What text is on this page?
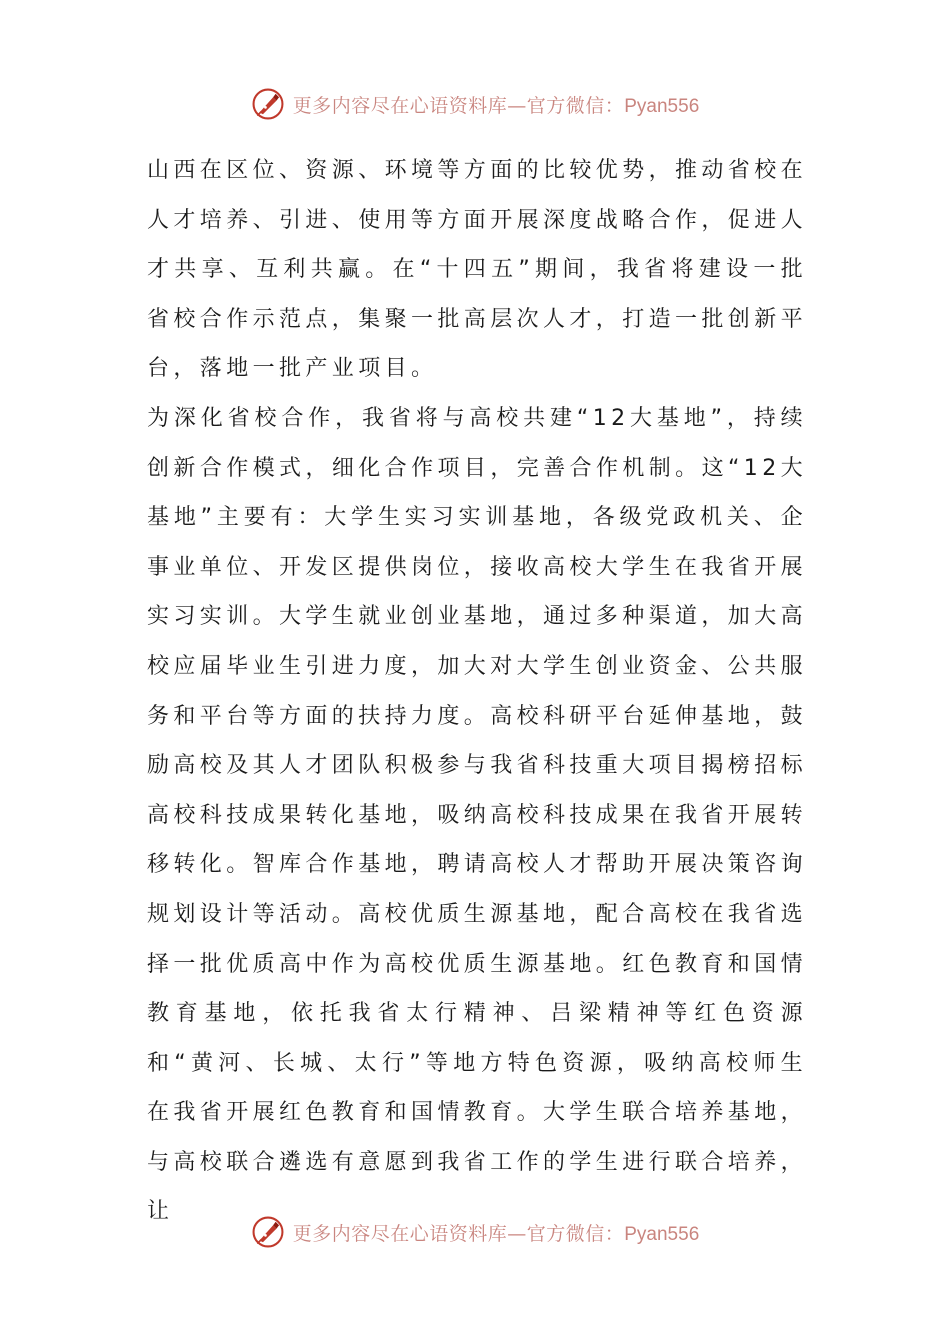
更多内容尽在心语资料库—官方微信：Pyan556

山西在区位、资源、环境等方面的比较优势，推动省校在人才培养、引进、使用等方面开展深度战略合作，促进人才共享、互利共赢。在“十四五”期间，我省将建设一批省校合作示范点，集聚一批高层次人才，打造一批创新平台，落地一批产业项目。

为深化省校合作，我省将与高校共建“12大基地”，持续创新合作模式，细化合作项目，完善合作机制。这“12大基地”主要有：大学生实习实训基地，各级党政机关、企事业单位、开发区提供岗位，接收高校大学生在我省开展实习实训。大学生就业创业基地，通过多种渠道，加大高校应届毕业生引进力度，加大对大学生创业资金、公共服务和平台等方面的扶持力度。高校科研平台延伸基地，鼓励高校及其人才团队积极参与我省科技重大项目揭榜招标高校科技成果转化基地，吸纳高校科技成果在我省开展转移转化。智库合作基地，聘请高校人才帮助开展决策咨询规划设计等活动。高校优质生源基地，配合高校在我省选择一批优质高中作为高校优质生源基地。红色教育和国情教育基地，依托我省太行精神、吕梁精神等红色资源和“黄河、长城、太行”等地方特色资源，吸纳高校师生在我省开展红色教育和国情教育。大学生联合培养基地，与高校联合遴选有意愿到我省工作的学生进行联合培养，让

更多内容尽在心语资料库—官方微信：Pyan556
